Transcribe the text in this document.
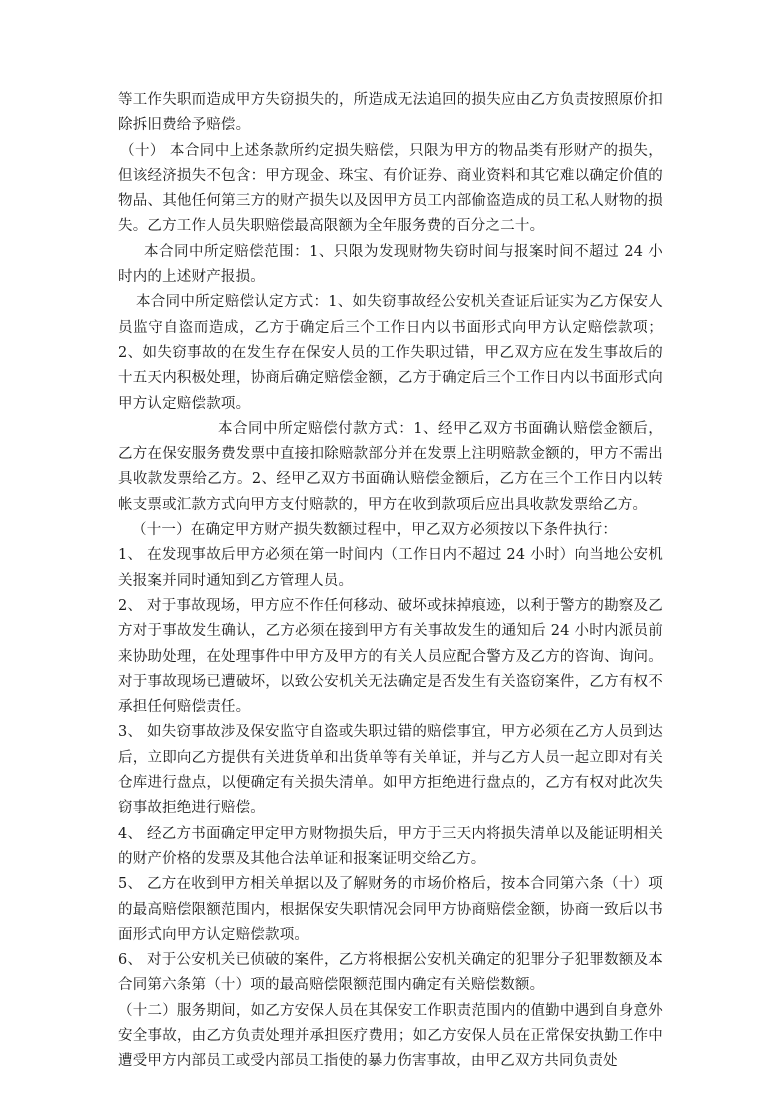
等工作失职而造成甲方失窃损失的，所造成无法追回的损失应由乙方负责按照原价扣除拆旧费给予赔偿。

（十） 本合同中上述条款所约定损失赔偿，只限为甲方的物品类有形财产的损失，但该经济损失不包含：甲方现金、珠宝、有价证券、商业资料和其它难以确定价值的物品、其他任何第三方的财产损失以及因甲方员工内部偷盗造成的员工私人财物的损失。乙方工作人员失职赔偿最高限额为全年服务费的百分之二十。

本合同中所定赔偿范围：1、只限为发现财物失窃时间与报案时间不超过 24 小时内的上述财产报损。

本合同中所定赔偿认定方式：1、如失窃事故经公安机关查证后证实为乙方保安人员监守自盗而造成，乙方于确定后三个工作日内以书面形式向甲方认定赔偿款项；2、如失窃事故的在发生存在保安人员的工作失职过错，甲乙双方应在发生事故后的十五天内积极处理，协商后确定赔偿金额，乙方于确定后三个工作日内以书面形式向甲方认定赔偿款项。

本合同中所定赔偿付款方式：1、经甲乙双方书面确认赔偿金额后，乙方在保安服务费发票中直接扣除赔款部分并在发票上注明赔款金额的，甲方不需出具收款发票给乙方。2、经甲乙双方书面确认赔偿金额后，乙方在三个工作日内以转帐支票或汇款方式向甲方支付赔款的，甲方在收到款项后应出具收款发票给乙方。

（十一）在确定甲方财产损失数额过程中，甲乙双方必须按以下条件执行：

1、 在发现事故后甲方必须在第一时间内（工作日内不超过 24 小时）向当地公安机关报案并同时通知到乙方管理人员。

2、 对于事故现场，甲方应不作任何移动、破坏或抹掉痕迹，以利于警方的勘察及乙方对于事故发生确认，乙方必须在接到甲方有关事故发生的通知后 24 小时内派员前来协助处理，在处理事件中甲方及甲方的有关人员应配合警方及乙方的咨询、询问。对于事故现场已遭破坏，以致公安机关无法确定是否发生有关盗窃案件，乙方有权不承担任何赔偿责任。

3、 如失窃事故涉及保安监守自盗或失职过错的赔偿事宜，甲方必须在乙方人员到达后，立即向乙方提供有关进货单和出货单等有关单证，并与乙方人员一起立即对有关仓库进行盘点，以便确定有关损失清单。如甲方拒绝进行盘点的，乙方有权对此次失窃事故拒绝进行赔偿。

4、 经乙方书面确定甲定甲方财物损失后，甲方于三天内将损失清单以及能证明相关的财产价格的发票及其他合法单证和报案证明交给乙方。

5、 乙方在收到甲方相关单据以及了解财务的市场价格后，按本合同第六条（十）项的最高赔偿限额范围内，根据保安失职情况会同甲方协商赔偿金额，协商一致后以书面形式向甲方认定赔偿款项。

6、 对于公安机关已侦破的案件，乙方将根据公安机关确定的犯罪分子犯罪数额及本合同第六条第（十）项的最高赔偿限额范围内确定有关赔偿数额。

（十二）服务期间，如乙方安保人员在其保安工作职责范围内的值勤中遇到自身意外安全事故，由乙方负责处理并承担医疗费用；如乙方安保人员在正常保安执勤工作中遭受甲方内部员工或受内部员工指使的暴力伤害事故，由甲乙双方共同负责处
